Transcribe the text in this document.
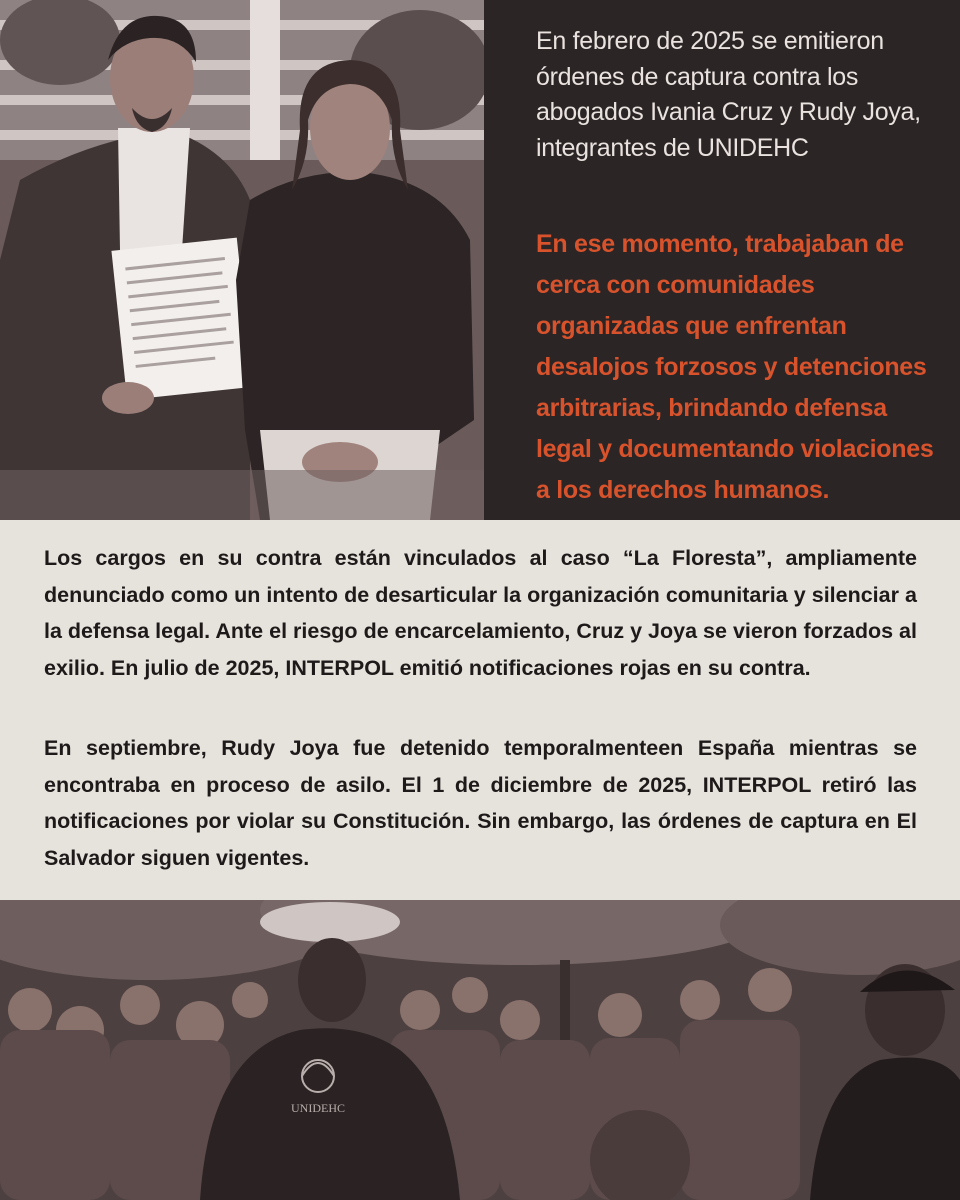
En febrero de 2025 se emitieron órdenes de captura contra los abogados Ivania Cruz y Rudy Joya, integrantes de UNIDEHC

En ese momento, trabajaban de cerca con comunidades organizadas que enfrentan desalojos forzosos y detenciones arbitrarias, brindando defensa legal y documentando violaciones a los derechos humanos.

Los cargos en su contra están vinculados al caso “La Floresta”, ampliamente denunciado como un intento de desarticular la organización comunitaria y silenciar a la defensa legal. Ante el riesgo de encarcelamiento, Cruz y Joya se vieron forzados al exilio. En julio de 2025, INTERPOL emitió notificaciones rojas en su contra.

En septiembre, Rudy Joya fue detenido temporalmenteen España mientras se encontraba en proceso de asilo. El 1 de diciembre de 2025, INTERPOL retiró las notificaciones por violar su Constitución. Sin embargo, las órdenes de captura en El Salvador siguen vigentes.

UNIDEHC
